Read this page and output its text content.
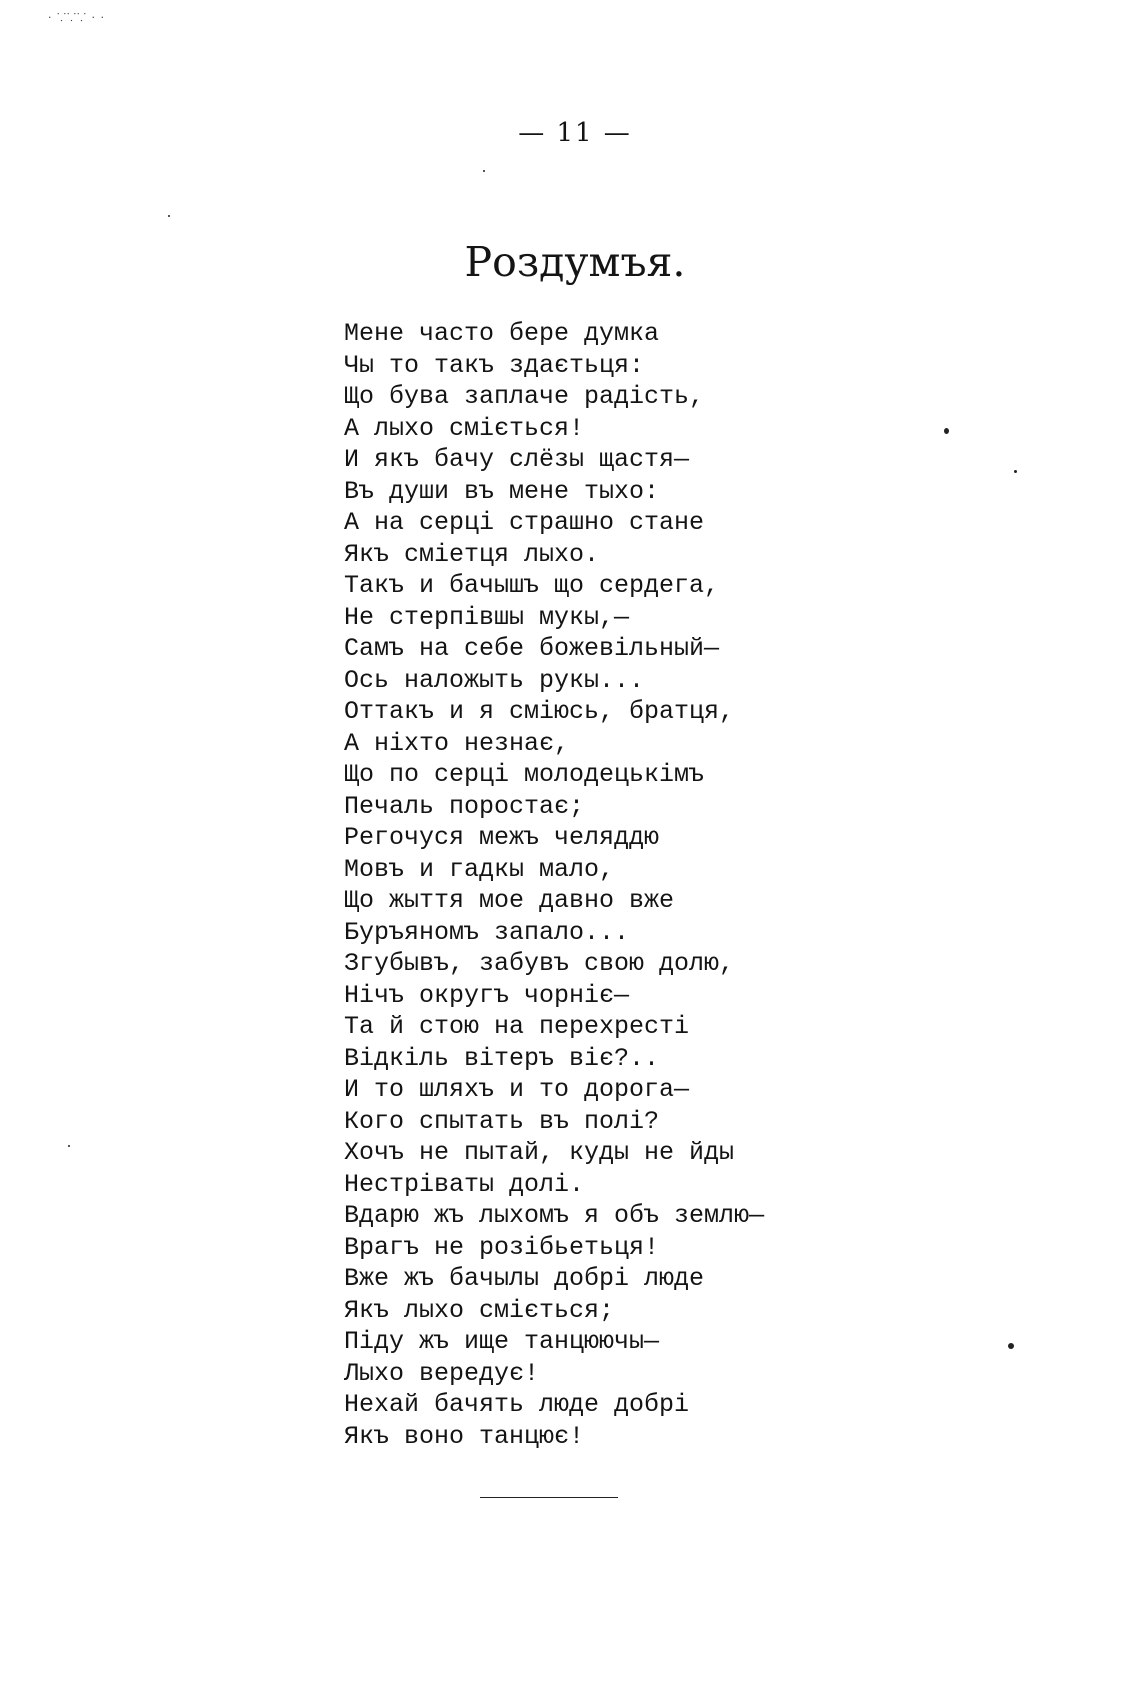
· ⸪⸪⸪ · ·
— 11 —
Роздумъя.
Мене часто бере думка
Чы то такъ здаєтьця:
Що бува заплаче радість,
А лыхо сміється!
И якъ бачу слёзы щастя—
Въ души въ мене тыхо:
А на серці страшно стане
Якъ сміетця лыхо.
Такъ и бачышъ що сердега,
Не стерпівшы мукы,—
Самъ на себе божевільный—
Ось наложыть рукы...
Оттакъ и я сміюсь, братця,
А ніхто незнає,
Що по серці молодецькімъ
Печаль поростає;
Регочуся межъ челяддю
Мовъ и гадкы мало,
Що жыття мое давно вже
Буръяномъ запало...
Згубывъ, забувъ свою долю,
Нічъ округъ чорніє—
Та й стою на перехресті
Відкіль вітеръ віє?..
И то шляхъ и то дорога—
Кого спытать въ полі?
Хочъ не пытай, куды не йды
Нестріваты долі.
Вдарю жъ лыхомъ я объ землю—
Врагъ не розібьетьця!
Вже жъ бачылы добрі люде
Якъ лыхо сміється;
Піду жъ ище танцюючы—
Лыхо вередує!
Нехай бачять люде добрі
Якъ воно танцює!
